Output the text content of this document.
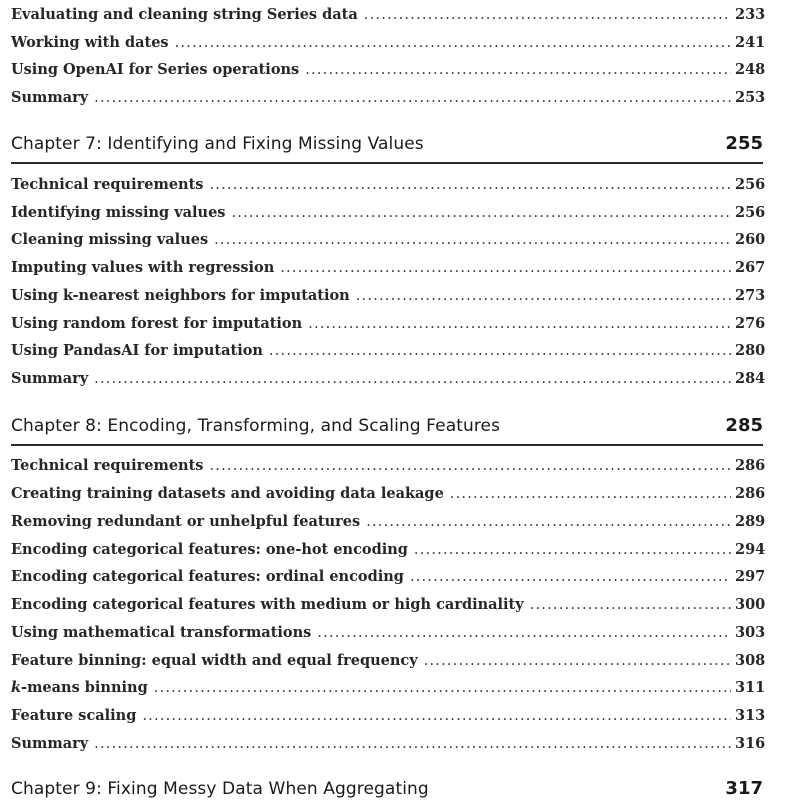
Evaluating and cleaning string Series data .....	233
Working with dates .....	241
Using OpenAI for Series operations .....	248
Summary .....	253
Chapter 7: Identifying and Fixing Missing Values	255
Technical requirements .....	256
Identifying missing values .....	256
Cleaning missing values .....	260
Imputing values with regression .....	267
Using k-nearest neighbors for imputation .....	273
Using random forest for imputation .....	276
Using PandasAI for imputation .....	280
Summary .....	284
Chapter 8: Encoding, Transforming, and Scaling Features	285
Technical requirements .....	286
Creating training datasets and avoiding data leakage .....	286
Removing redundant or unhelpful features .....	289
Encoding categorical features: one-hot encoding .....	294
Encoding categorical features: ordinal encoding .....	297
Encoding categorical features with medium or high cardinality .....	300
Using mathematical transformations .....	303
Feature binning: equal width and equal frequency .....	308
k-means binning .....	311
Feature scaling .....	313
Summary .....	316
Chapter 9: Fixing Messy Data When Aggregating	317
